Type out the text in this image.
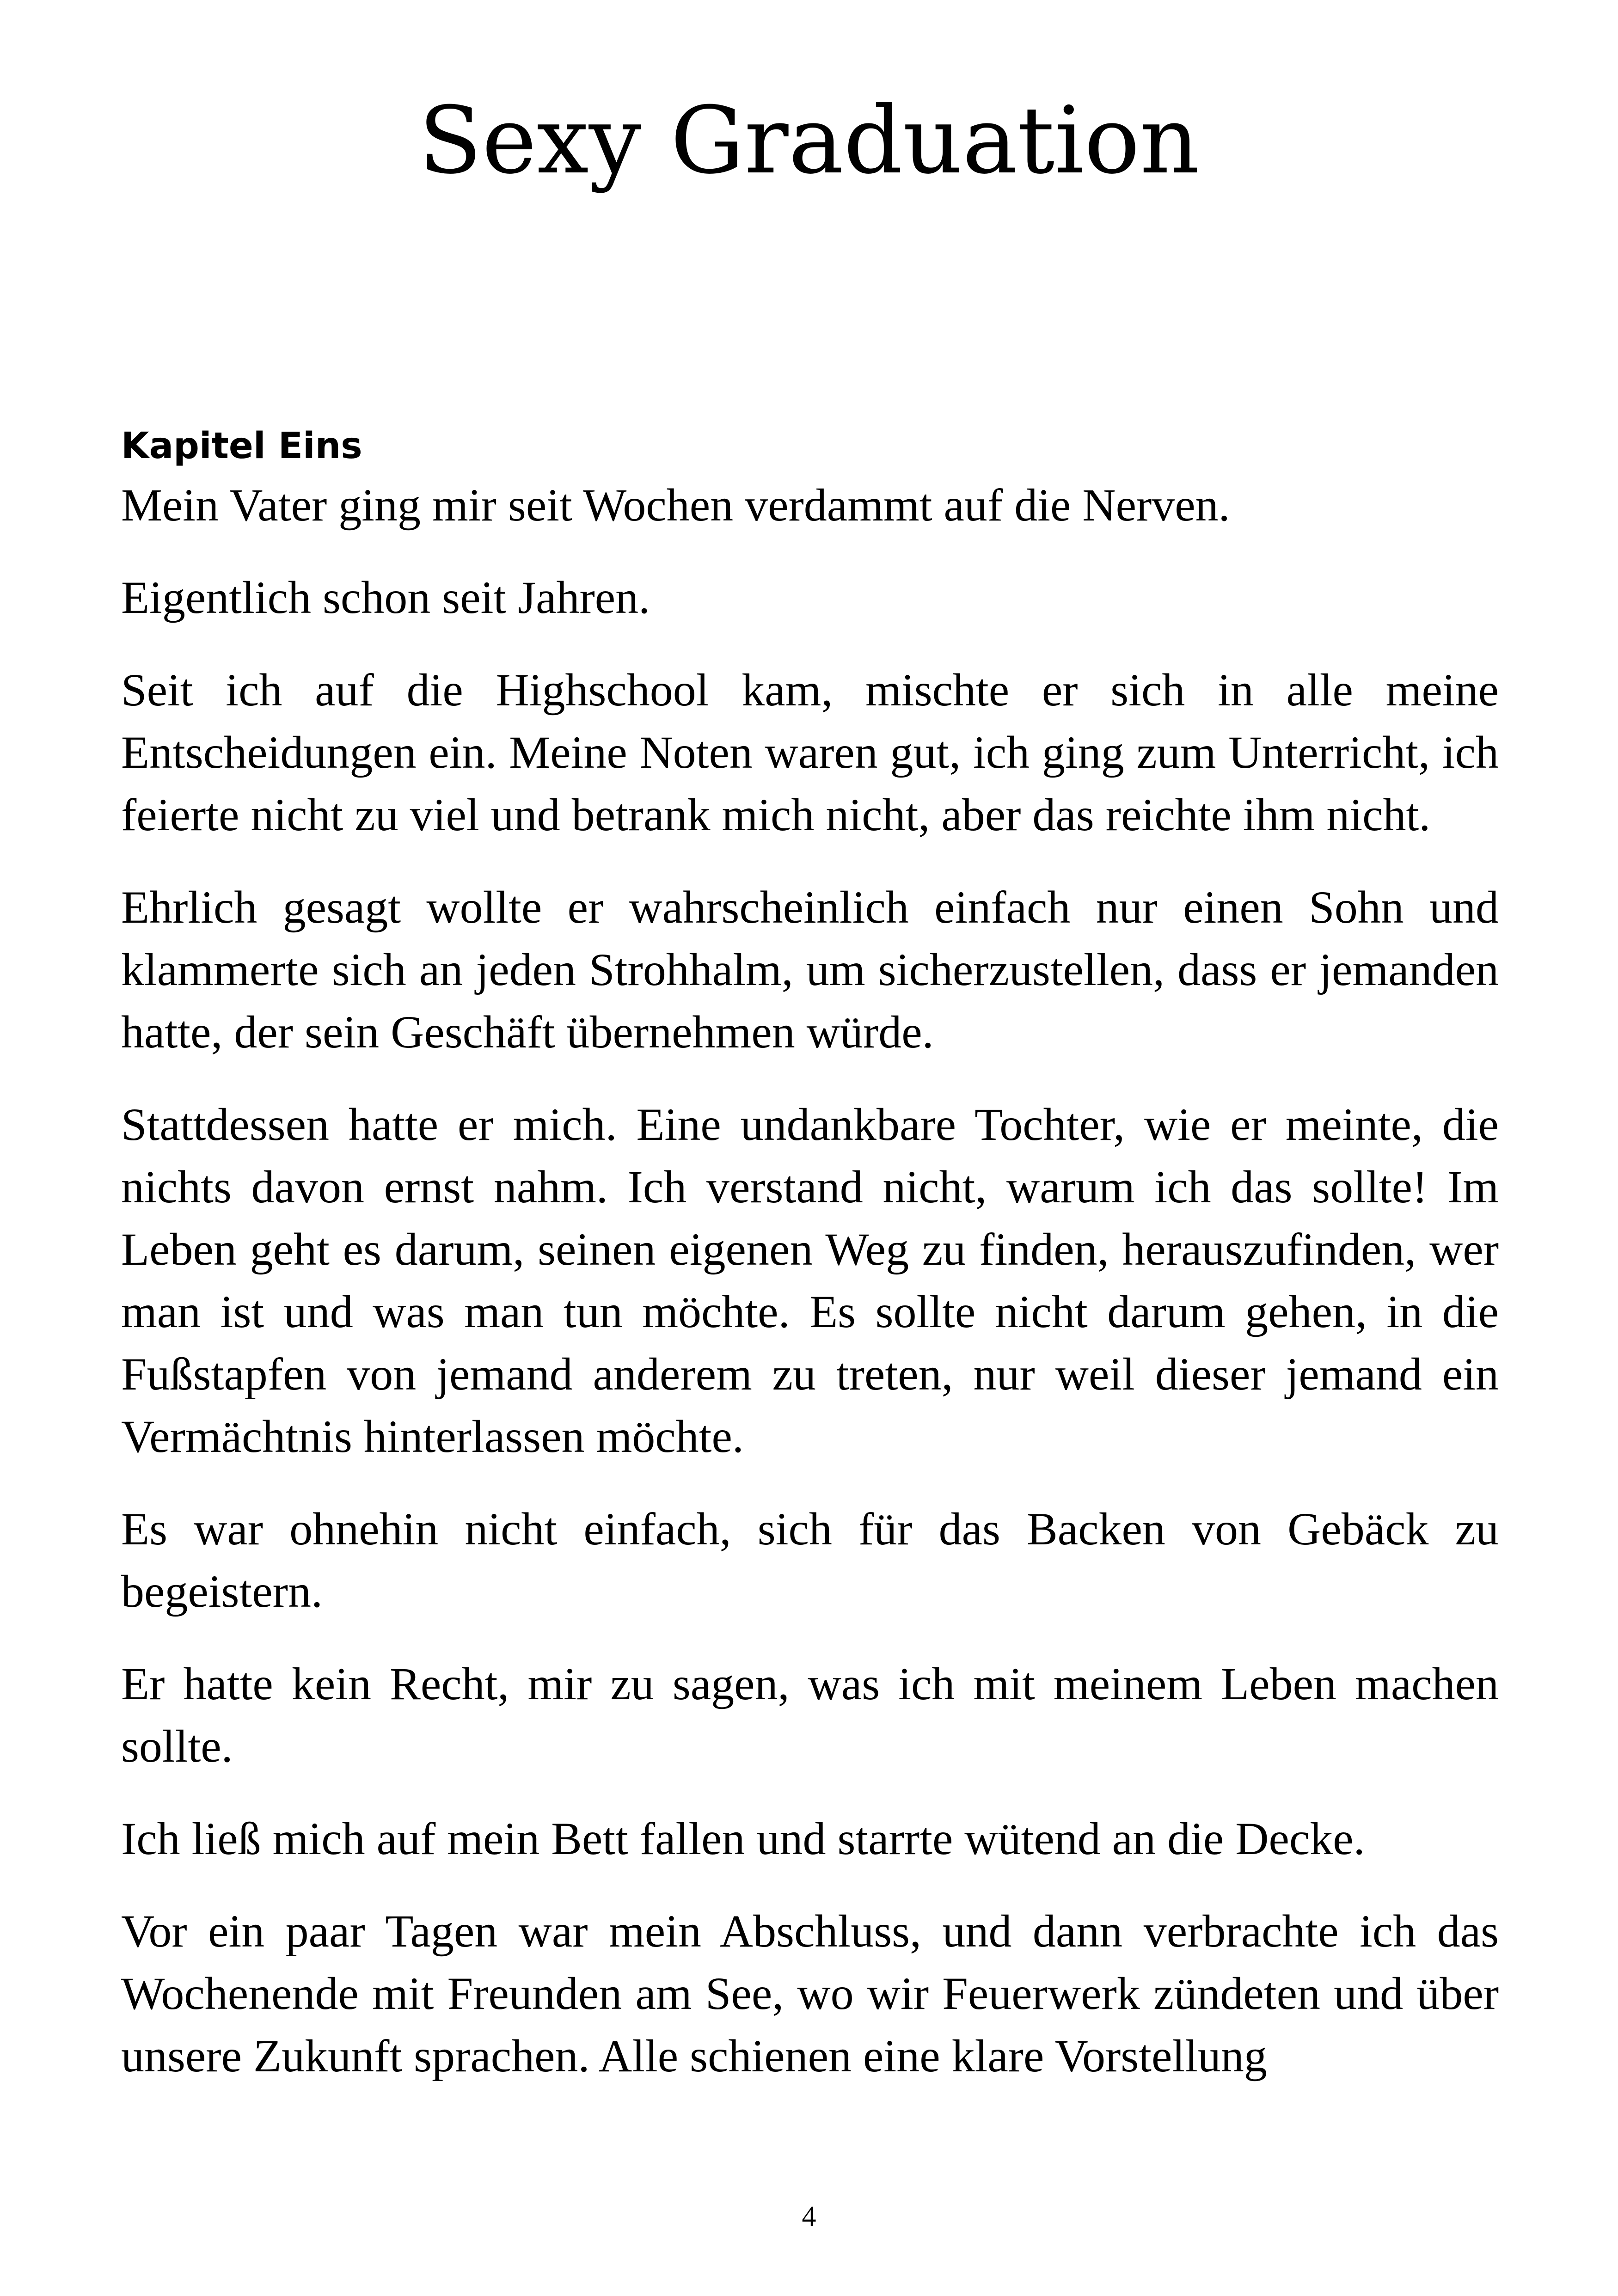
Sexy Graduation
Kapitel Eins

Mein Vater ging mir seit Wochen verdammt auf die Nerven.

Eigentlich schon seit Jahren.

Seit ich auf die Highschool kam, mischte er sich in alle meine Entscheidungen ein. Meine Noten waren gut, ich ging zum Unterricht, ich feierte nicht zu viel und betrank mich nicht, aber das reichte ihm nicht.

Ehrlich gesagt wollte er wahrscheinlich einfach nur einen Sohn und klammerte sich an jeden Strohhalm, um sicherzustellen, dass er jemanden hatte, der sein Geschäft übernehmen würde.

Stattdessen hatte er mich. Eine undankbare Tochter, wie er meinte, die nichts davon ernst nahm. Ich verstand nicht, warum ich das sollte! Im Leben geht es darum, seinen eigenen Weg zu finden, herauszufinden, wer man ist und was man tun möchte. Es sollte nicht darum gehen, in die Fußstapfen von jemand anderem zu treten, nur weil dieser jemand ein Vermächtnis hinterlassen möchte.

Es war ohnehin nicht einfach, sich für das Backen von Gebäck zu begeistern.

Er hatte kein Recht, mir zu sagen, was ich mit meinem Leben machen sollte.

Ich ließ mich auf mein Bett fallen und starrte wütend an die Decke.

Vor ein paar Tagen war mein Abschluss, und dann verbrachte ich das Wochenende mit Freunden am See, wo wir Feuerwerk zündeten und über unsere Zukunft sprachen. Alle schienen eine klare Vorstellung

4
